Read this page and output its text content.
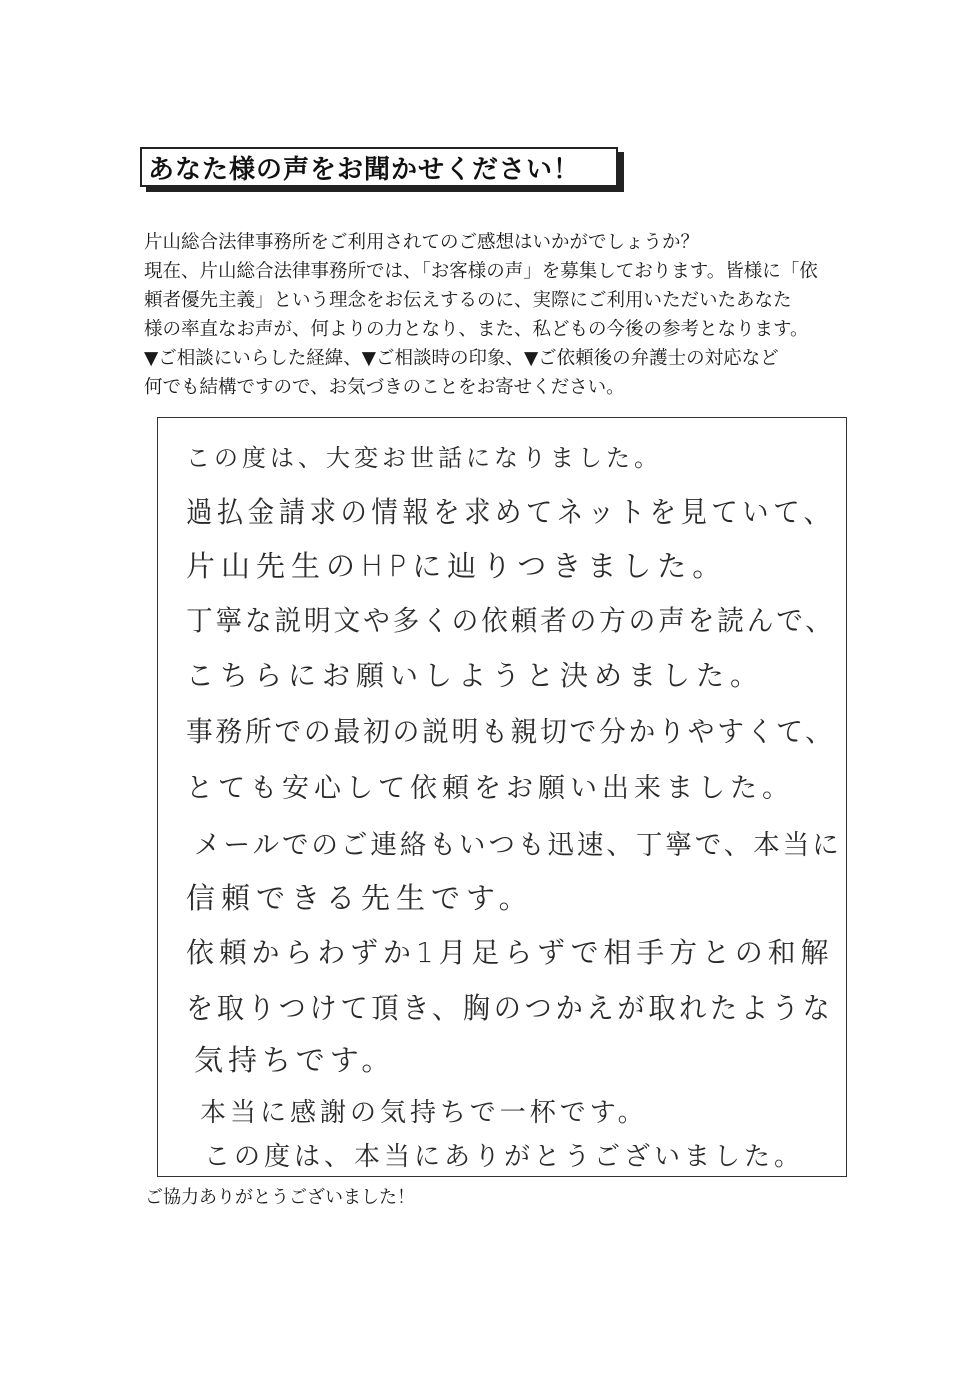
あなた様の声をお聞かせください！
片山総合法律事務所をご利用されてのご感想はいかがでしょうか？
現在、片山総合法律事務所では、「お客様の声」を募集しております。皆様に「依
頼者優先主義」という理念をお伝えするのに、実際にご利用いただいたあなた
様の率直なお声が、何よりの力となり、また、私どもの今後の参考となります。
▼ご相談にいらした経緯、▼ご相談時の印象、▼ご依頼後の弁護士の対応など
何でも結構ですので、お気づきのことをお寄せください。
この度は、大変お世話になりました。
過払金請求の情報を求めてネットを見ていて、
片山先生のHPに辿りつきました。
丁寧な説明文や多くの依頼者の方の声を読んで、
こちらにお願いしようと決めました。
事務所での最初の説明も親切で分かりやすくて、
とても安心して依頼をお願い出来ました。
メールでのご連絡もいつも迅速、丁寧で、本当に
信頼できる先生です。
依頼からわずか1月足らずで相手方との和解
を取りつけて頂き、胸のつかえが取れたような
気持ちです。
本当に感謝の気持ちで一杯です。
この度は、本当にありがとうございました。
ご協力ありがとうございました！
